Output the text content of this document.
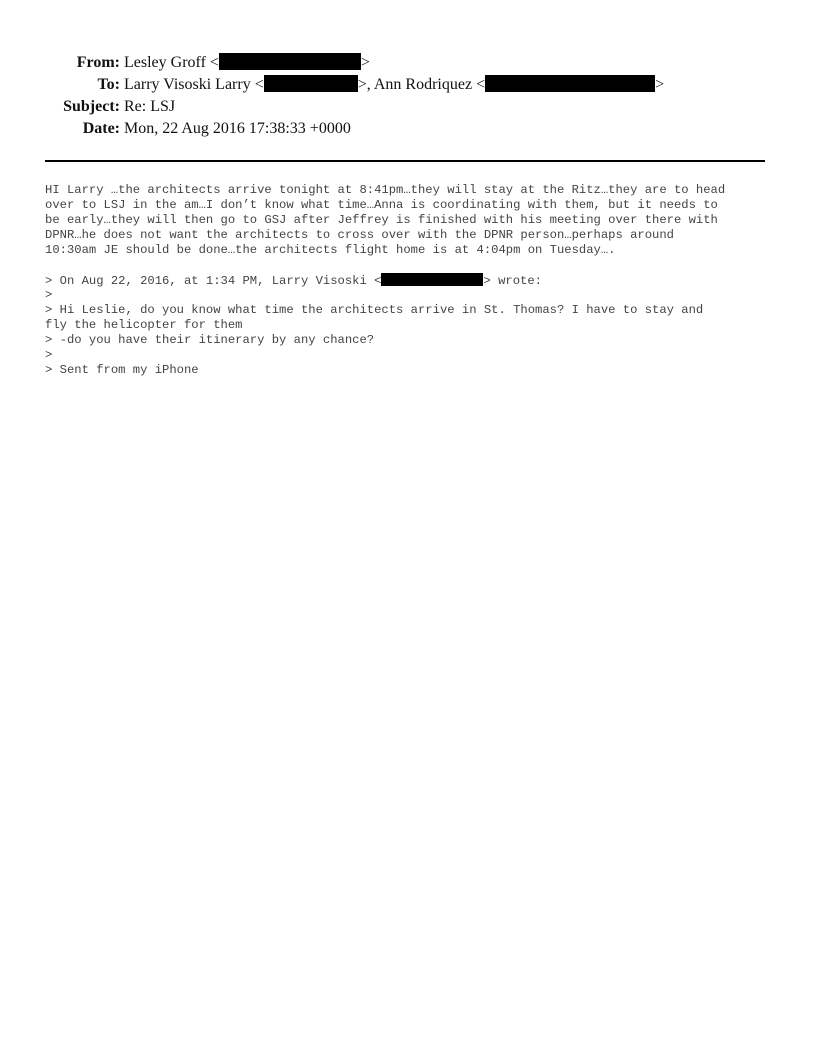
From: Lesley Groff <	>
To: Larry Visoski Larry <	>, Ann Rodriquez <	>
Subject: Re: LSJ
Date: Mon, 22 Aug 2016 17:38:33 +0000
HI Larry …the architects arrive tonight at 8:41pm…they will stay at the Ritz…they are to head
over to LSJ in the am…I don’t know what time…Anna is coordinating with them, but it needs to
be early…they will then go to GSJ after Jeffrey is finished with his meeting over there with
DPNR…he does not want the architects to cross over with the DPNR person…perhaps around
10:30am JE should be done…the architects flight home is at 4:04pm on Tuesday….
> On Aug 22, 2016, at 1:34 PM, Larry Visoski <	> wrote:
>
> Hi Leslie, do you know what time the architects arrive in St. Thomas? I have to stay and
fly the helicopter for them
> -do you have their itinerary by any chance?
>
> Sent from my iPhone
